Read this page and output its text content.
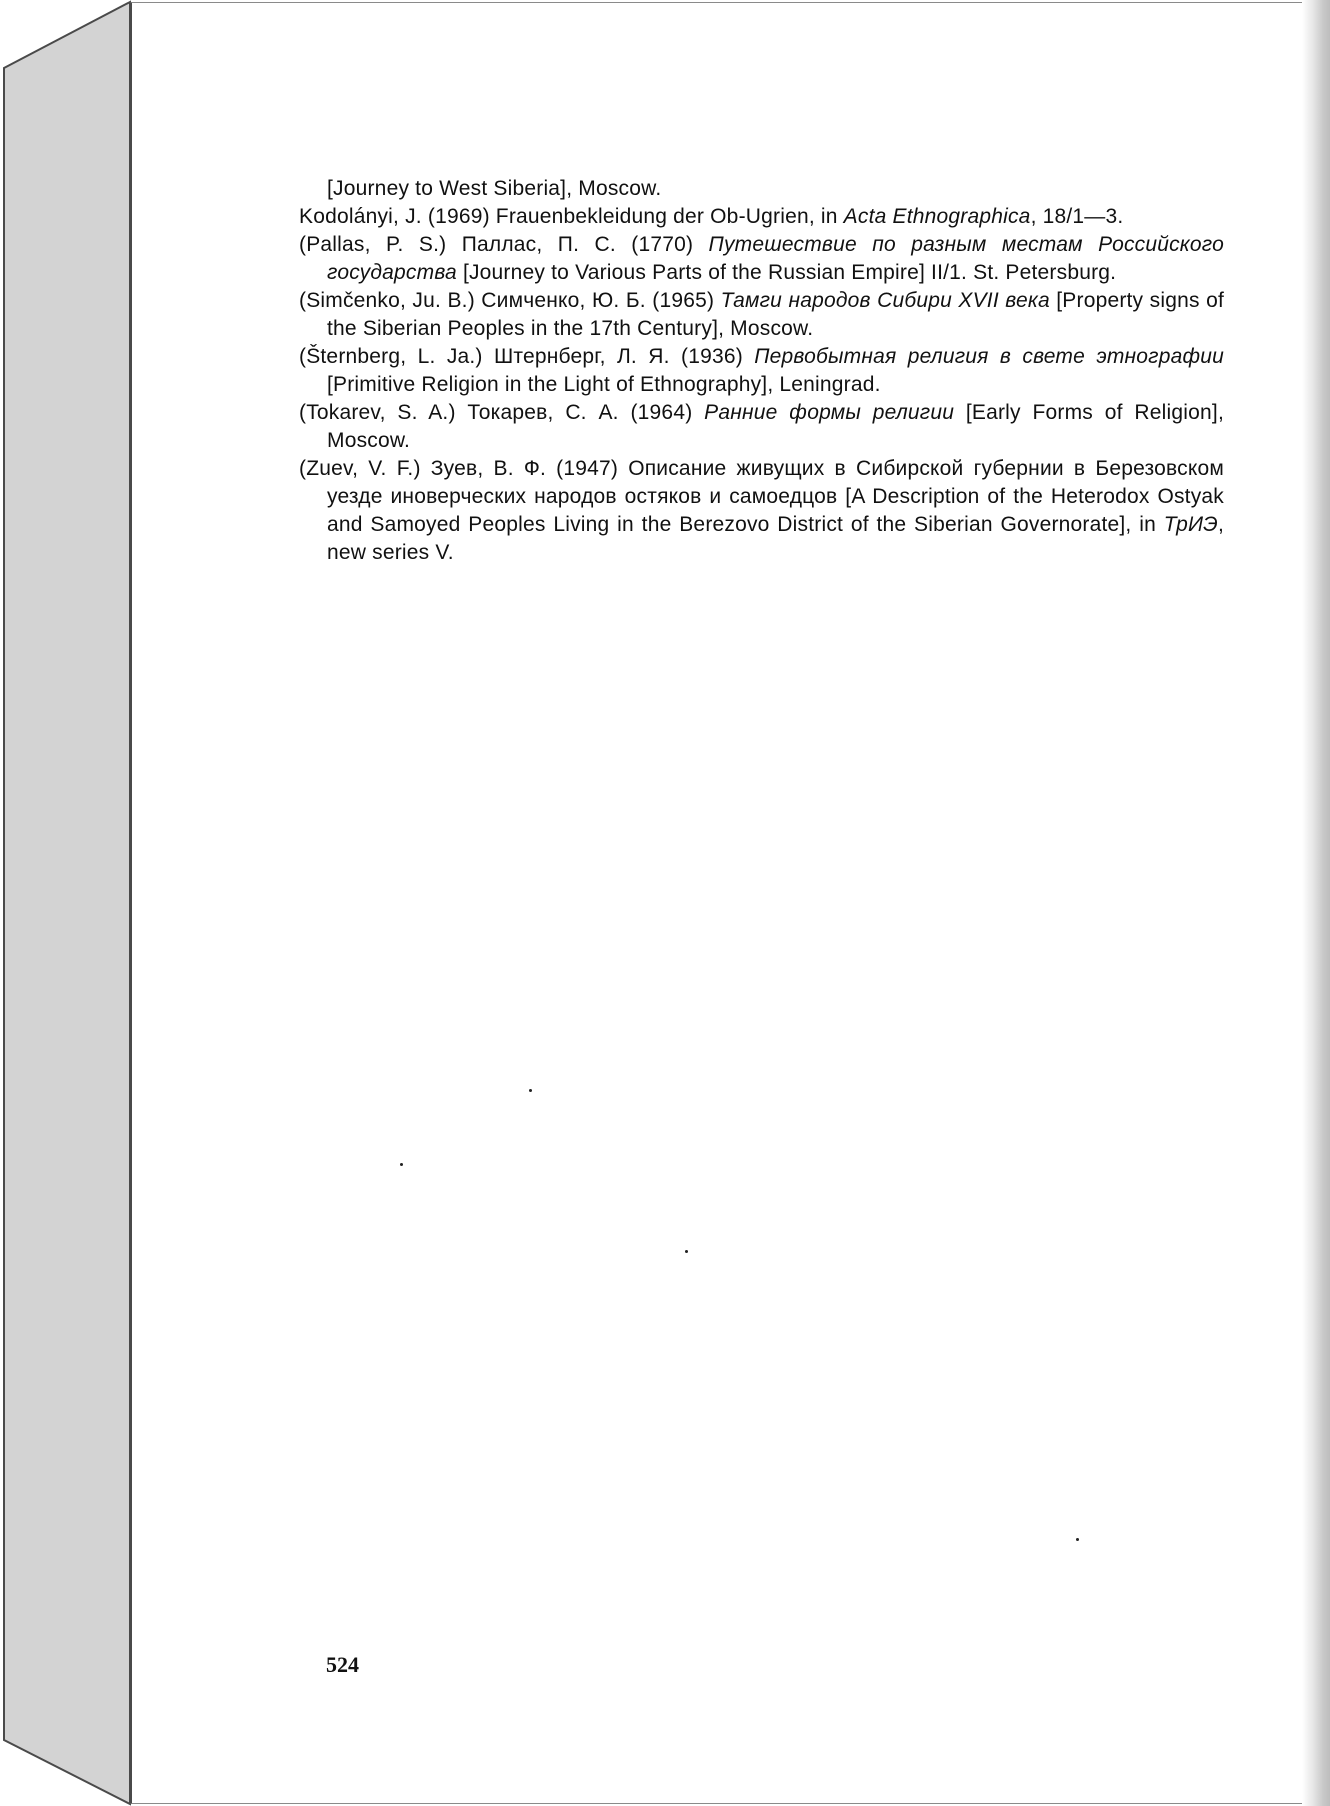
[Journey to West Siberia], Moscow.

Kodolányi, J. (1969) Frauenbekleidung der Ob-Ugrien, in Acta Ethnographica, 18/1—3.

(Pallas, P. S.) Паллас, П. С. (1770) Путешествие по разным местам Российского государства [Journey to Various Parts of the Russian Empire] II/1. St. Petersburg.

(Simčenko, Ju. B.) Симченко, Ю. Б. (1965) Тамги народов Сибири XVII века [Property signs of the Siberian Peoples in the 17th Century], Moscow.

(Šternberg, L. Ja.) Штернберг, Л. Я. (1936) Первобытная религия в свете этнографии [Primitive Religion in the Light of Ethnography], Leningrad.

(Tokarev, S. A.) Токарев, С. А. (1964) Ранние формы религии [Early Forms of Religion], Moscow.

(Zuev, V. F.) Зуев, В. Ф. (1947) Описание живущих в Сибирской губернии в Березовском уезде иноверческих народов остяков и самоедцов [A Description of the Heterodox Ostyak and Samoyed Peoples Living in the Berezovo District of the Siberian Governorate], in ТрИЭ, new series V.

524
